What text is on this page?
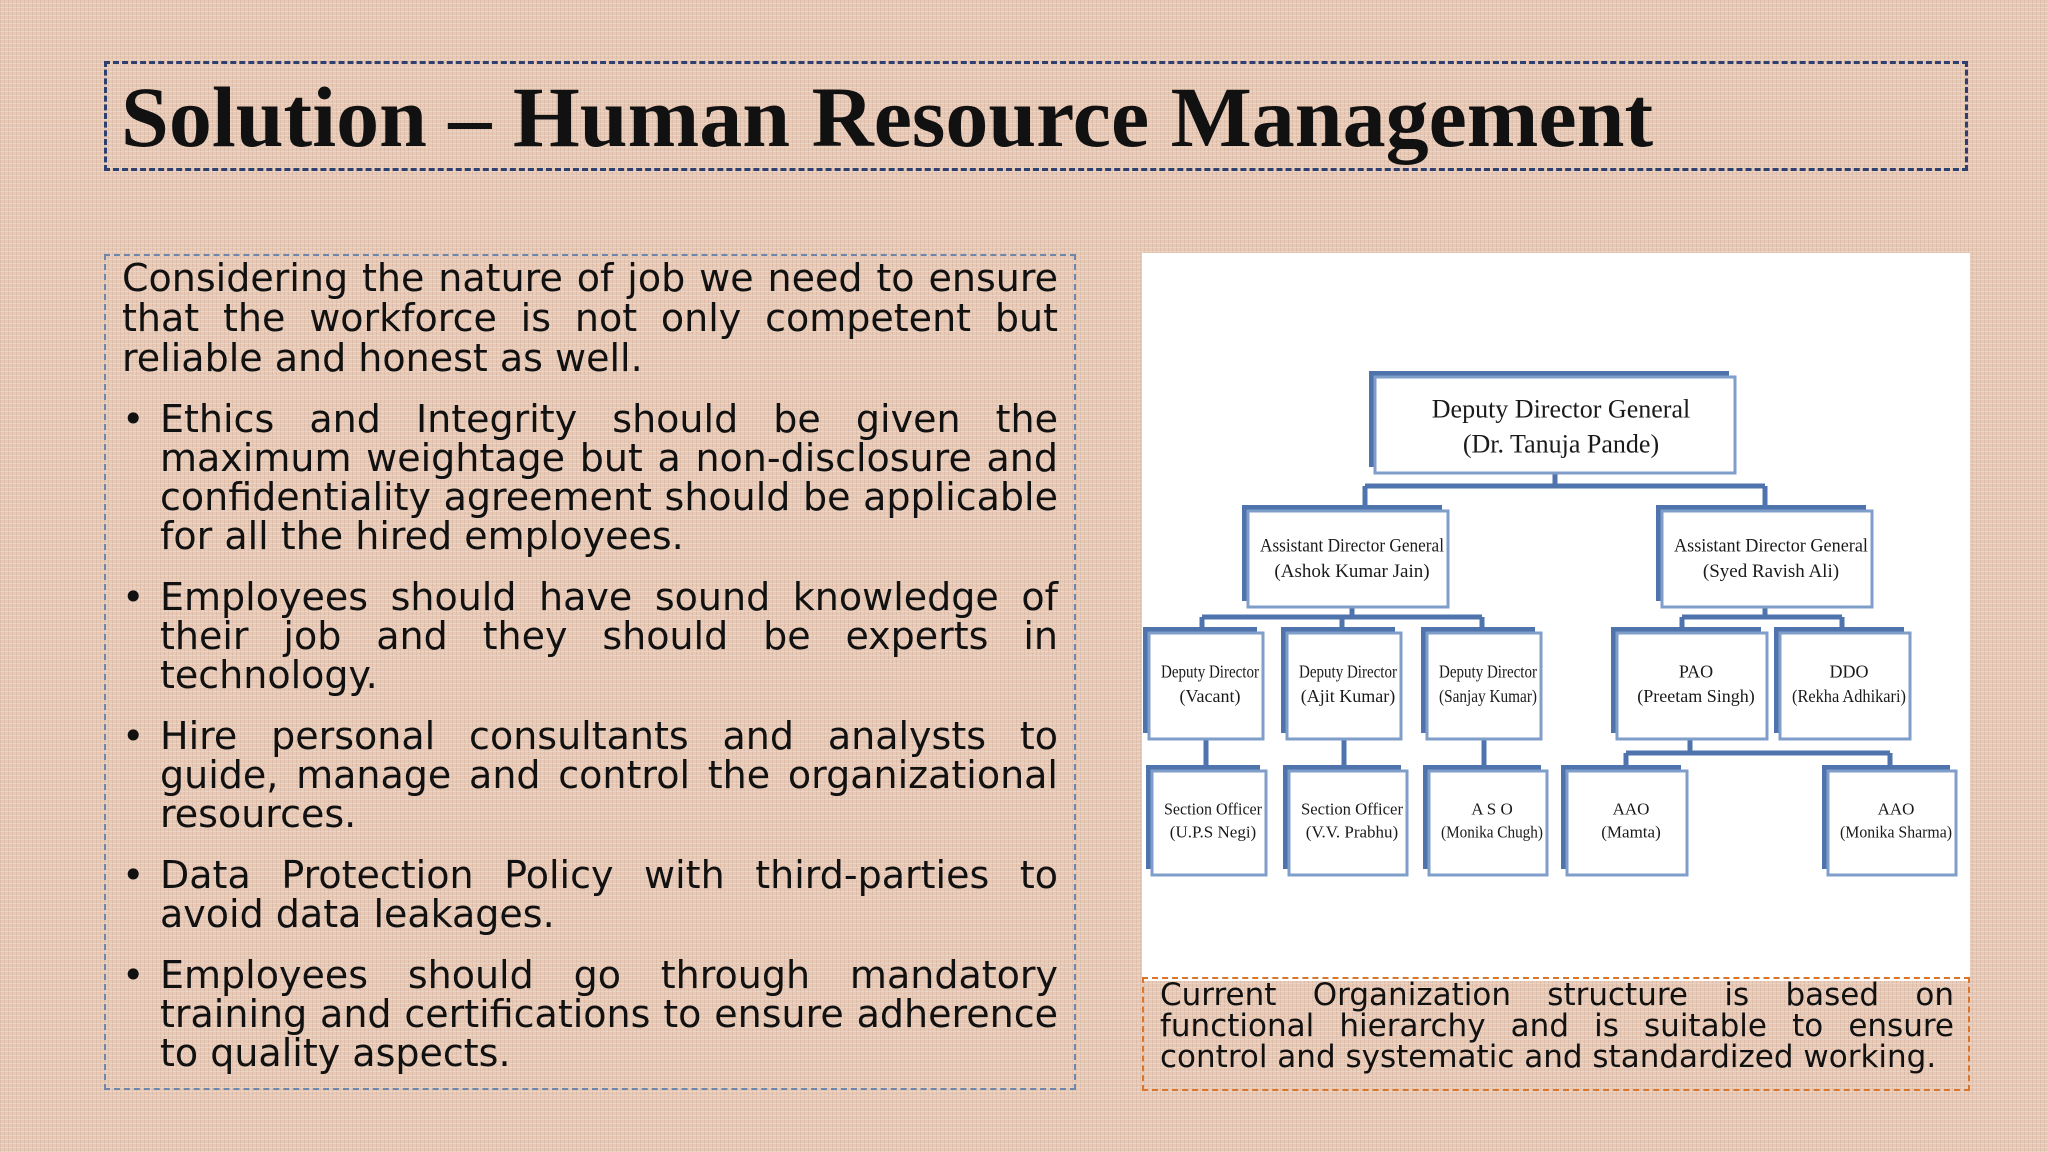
Solution – Human Resource Management

Considering the nature of job we need to ensure that the workforce is not only competent but reliable and honest as well.

• Ethics and Integrity should be given the maximum weightage but a non-disclosure and confidentiality agreement should be applicable for all the hired employees.
• Employees should have sound knowledge of their job and they should be experts in technology.
• Hire personal consultants and analysts to guide, manage and control the organizational resources.
• Data Protection Policy with third-parties to avoid data leakages.
• Employees should go through mandatory training and certifications to ensure adherence to quality aspects.
Deputy Director General
(Dr. Tanuja Pande)
Assistant Director General
(Ashok Kumar Jain)
Assistant Director General
(Syed Ravish Ali)
Deputy Director
(Vacant)
Deputy Director
(Ajit Kumar)
Deputy Director
(Sanjay Kumar)
PAO
(Preetam Singh)
DDO
(Rekha Adhikari)
Section Officer
(U.P.S Negi)
Section Officer
(V.V. Prabhu)
A S O
(Monika Chugh)
AAO
(Mamta)
AAO
(Monika Sharma)

Current Organization structure is based on functional hierarchy and is suitable to ensure control and systematic and standardized working.
